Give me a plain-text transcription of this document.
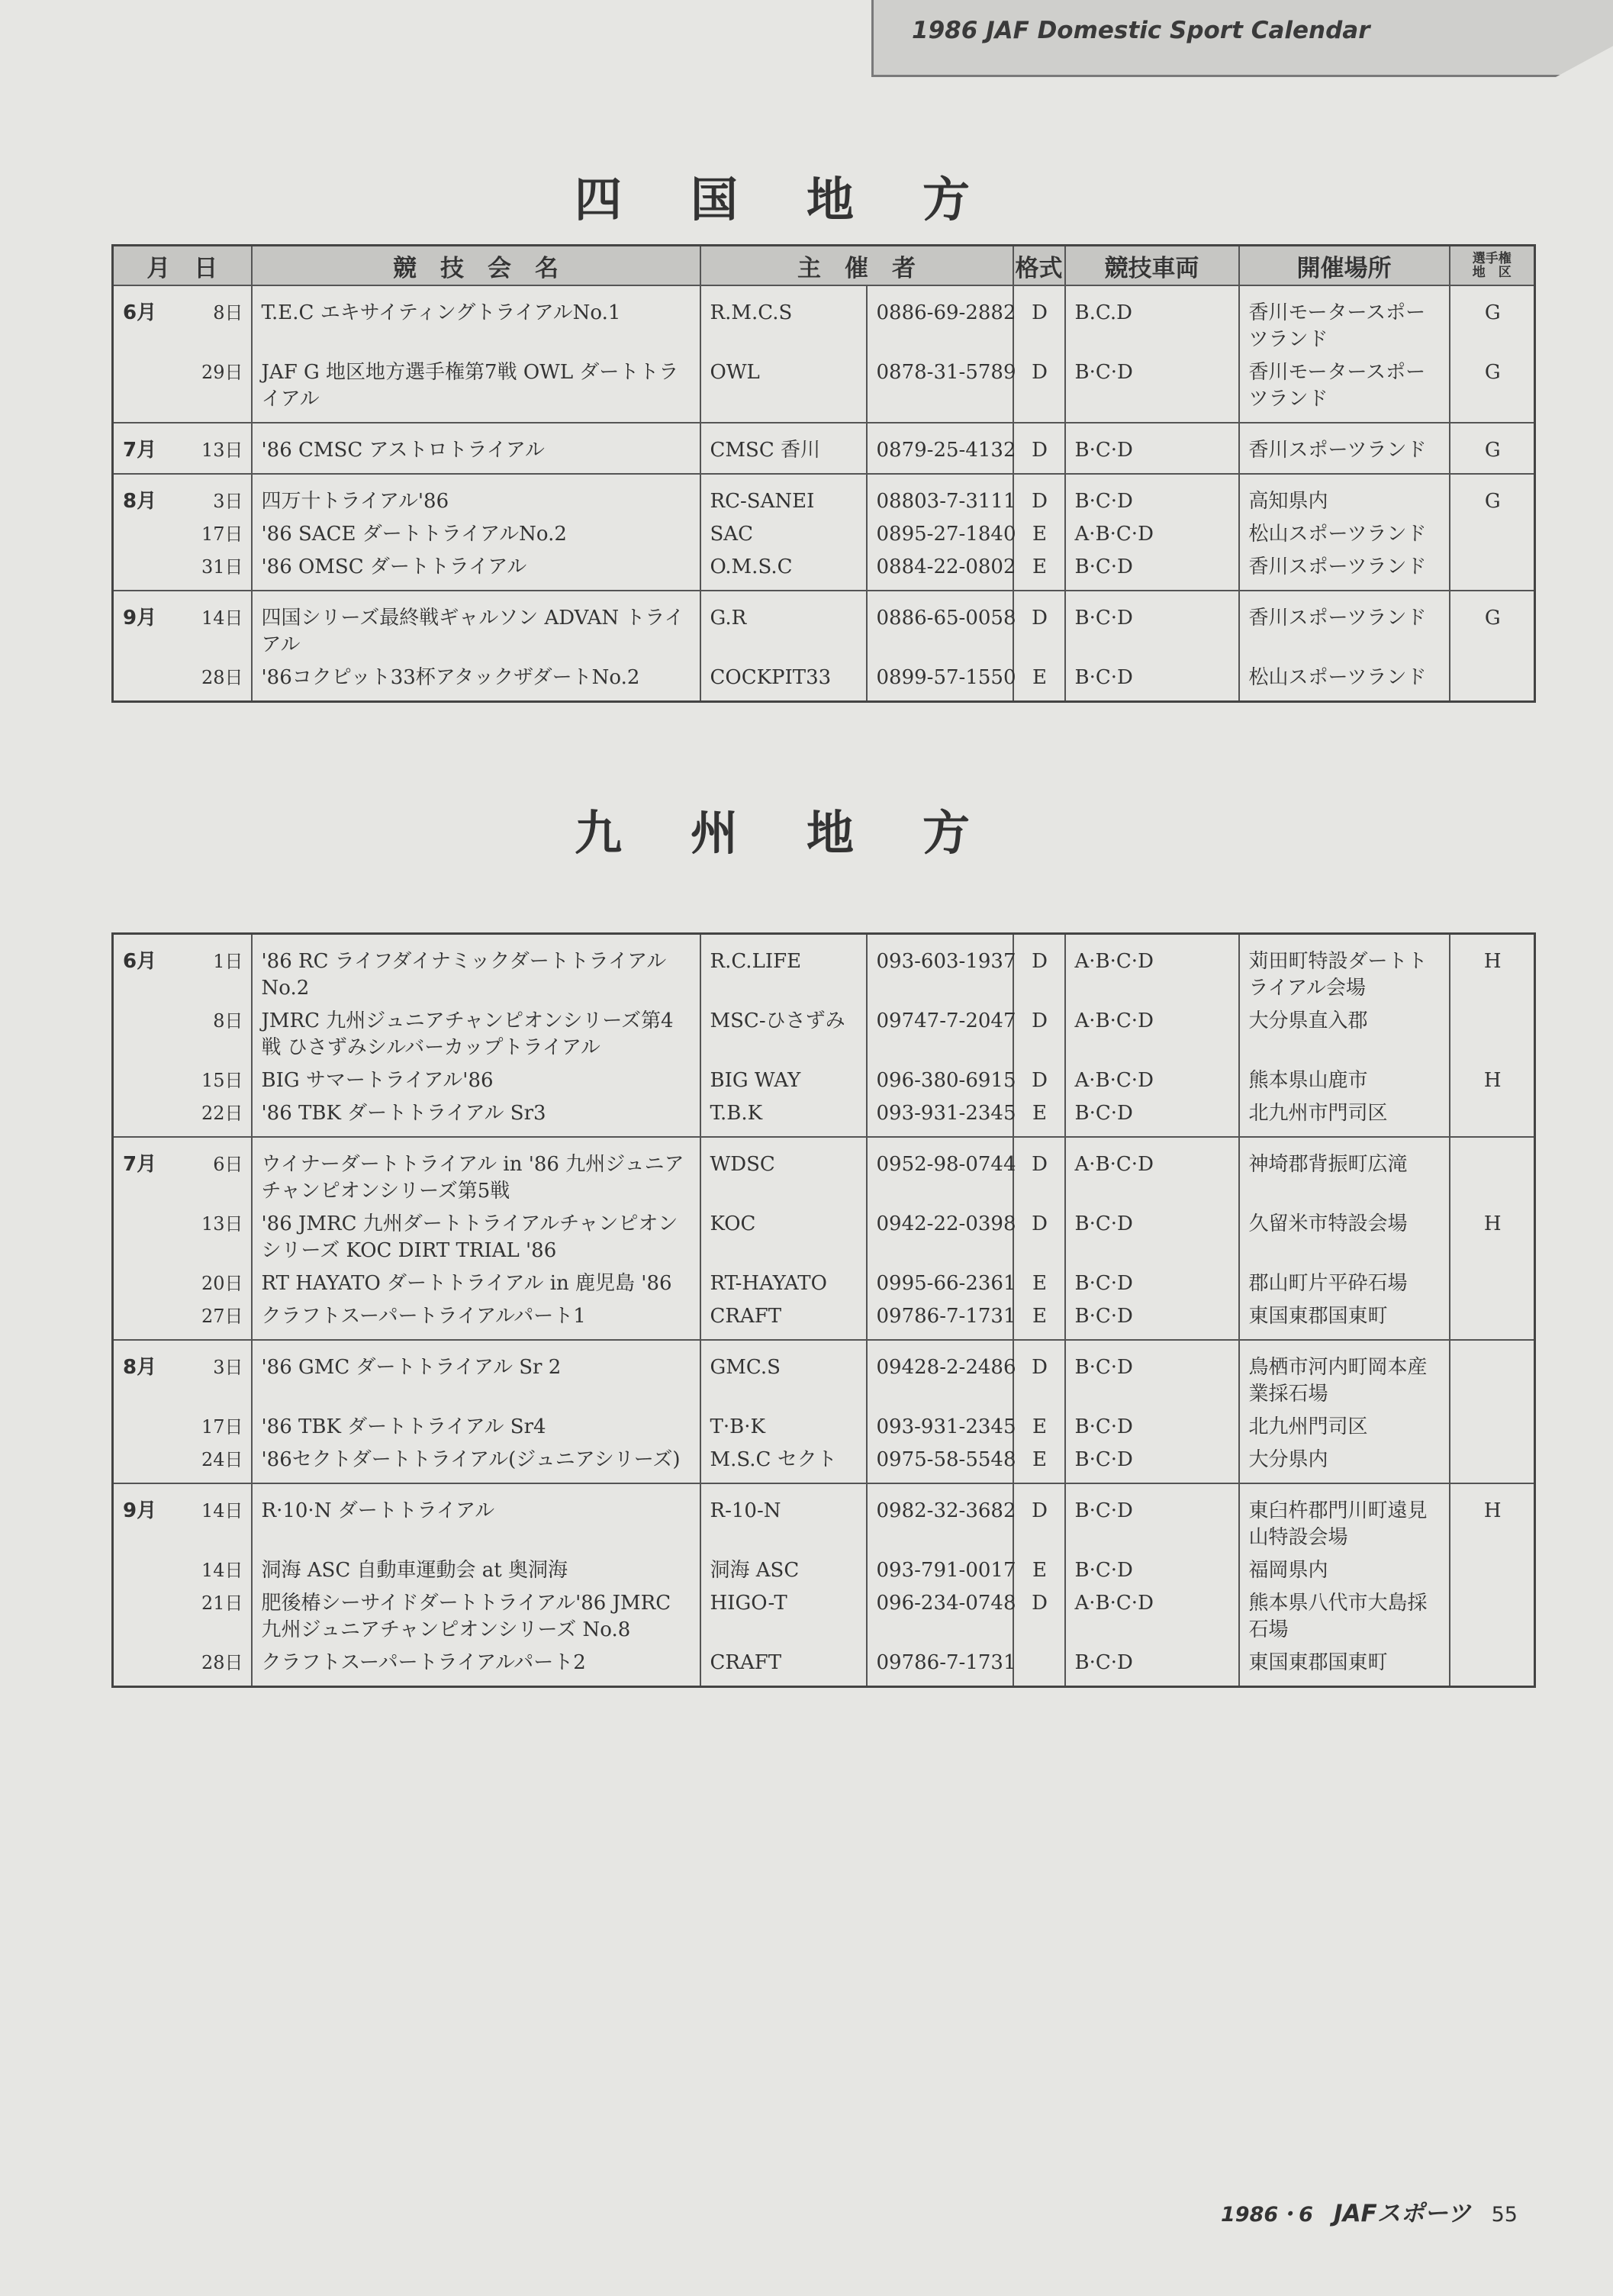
1986 JAF Domestic Sport Calendar
四国地方
月　日		競　技　会　名	主　催　者		格式	競技車両	開催場所	選手権
地　区
6月	8日	T.E.C エキサイティングトライアルNo.1	R.M.C.S	0886-69-2882	D	B.C.D	香川モータースポーツランド	G
	29日	JAF G 地区地方選手権第7戦 OWL ダートトライアル	OWL	0878-31-5789	D	B·C·D	香川モータースポーツランド	G
7月	13日	'86 CMSC アストロトライアル	CMSC 香川	0879-25-4132	D	B·C·D	香川スポーツランド	G
8月	3日	四万十トライアル'86	RC-SANEI	08803-7-3111	D	B·C·D	高知県内	G
	17日	'86 SACE ダートトライアルNo.2	SAC	0895-27-1840	E	A·B·C·D	松山スポーツランド	
	31日	'86 OMSC ダートトライアル	O.M.S.C	0884-22-0802	E	B·C·D	香川スポーツランド	
9月	14日	四国シリーズ最終戦ギャルソン ADVAN トライアル	G.R	0886-65-0058	D	B·C·D	香川スポーツランド	G
	28日	'86コクピット33杯アタックザダートNo.2	COCKPIT33	0899-57-1550	E	B·C·D	松山スポーツランド	
九州地方
6月	1日	'86 RC ライフダイナミックダートトライアルNo.2	R.C.LIFE	093-603-1937	D	A·B·C·D	苅田町特設ダートトライアル会場	H
	8日	JMRC 九州ジュニアチャンピオンシリーズ第4戦 ひさずみシルバーカップトライアル	MSC-ひさずみ	09747-7-2047	D	A·B·C·D	大分県直入郡	
	15日	BIG サマートライアル'86	BIG WAY	096-380-6915	D	A·B·C·D	熊本県山鹿市	H
	22日	'86 TBK ダートトライアル Sr3	T.B.K	093-931-2345	E	B·C·D	北九州市門司区	
7月	6日	ウイナーダートトライアル in '86 九州ジュニアチャンピオンシリーズ第5戦	WDSC	0952-98-0744	D	A·B·C·D	神埼郡背振町広滝	
	13日	'86 JMRC 九州ダートトライアルチャンピオンシリーズ KOC DIRT TRIAL '86	KOC	0942-22-0398	D	B·C·D	久留米市特設会場	H
	20日	RT HAYATO ダートトライアル in 鹿児島 '86	RT-HAYATO	0995-66-2361	E	B·C·D	郡山町片平砕石場	
	27日	クラフトスーパートライアルパート1	CRAFT	09786-7-1731	E	B·C·D	東国東郡国東町	
8月	3日	'86 GMC ダートトライアル Sr 2	GMC.S	09428-2-2486	D	B·C·D	鳥栖市河内町岡本産業採石場	
	17日	'86 TBK ダートトライアル Sr4	T·B·K	093-931-2345	E	B·C·D	北九州門司区	
	24日	'86セクトダートトライアル(ジュニアシリーズ)	M.S.C セクト	0975-58-5548	E	B·C·D	大分県内	
9月	14日	R·10·N ダートトライアル	R-10-N	0982-32-3682	D	B·C·D	東臼杵郡門川町遠見山特設会場	H
	14日	洞海 ASC 自動車運動会 at 奥洞海	洞海 ASC	093-791-0017	E	B·C·D	福岡県内	
	21日	肥後椿シーサイドダートトライアル'86 JMRC 九州ジュニアチャンピオンシリーズ No.8	HIGO-T	096-234-0748	D	A·B·C·D	熊本県八代市大島採石場	
	28日	クラフトスーパートライアルパート2	CRAFT	09786-7-1731		B·C·D	東国東郡国東町	
1986・6 JAFスポーツ 55
